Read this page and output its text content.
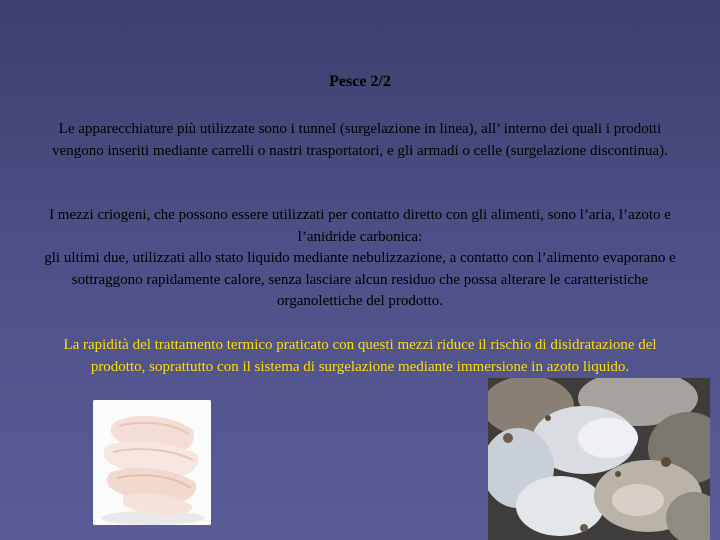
Pesce 2/2
Le apparecchiature più utilizzate sono i tunnel (surgelazione in linea), all’ interno dei quali i prodotti vengono inseriti mediante carrelli o nastri trasportatori, e gli armadi o celle (surgelazione discontinua).
I mezzi criogeni, che possono essere utilizzati per contatto diretto con gli alimenti, sono l’aria, l’azoto e l’anidride carbonica:
gli ultimi due, utilizzati allo stato liquido mediante nebulizzazione, a contatto con l’alimento evaporano e sottraggono rapidamente calore, senza lasciare alcun residuo che possa alterare le caratteristiche organolettiche del prodotto.
La rapidità del trattamento termico praticato con questi mezzi riduce il rischio di disidratazione del prodotto, soprattutto con il sistema di surgelazione mediante immersione in azoto liquido.
